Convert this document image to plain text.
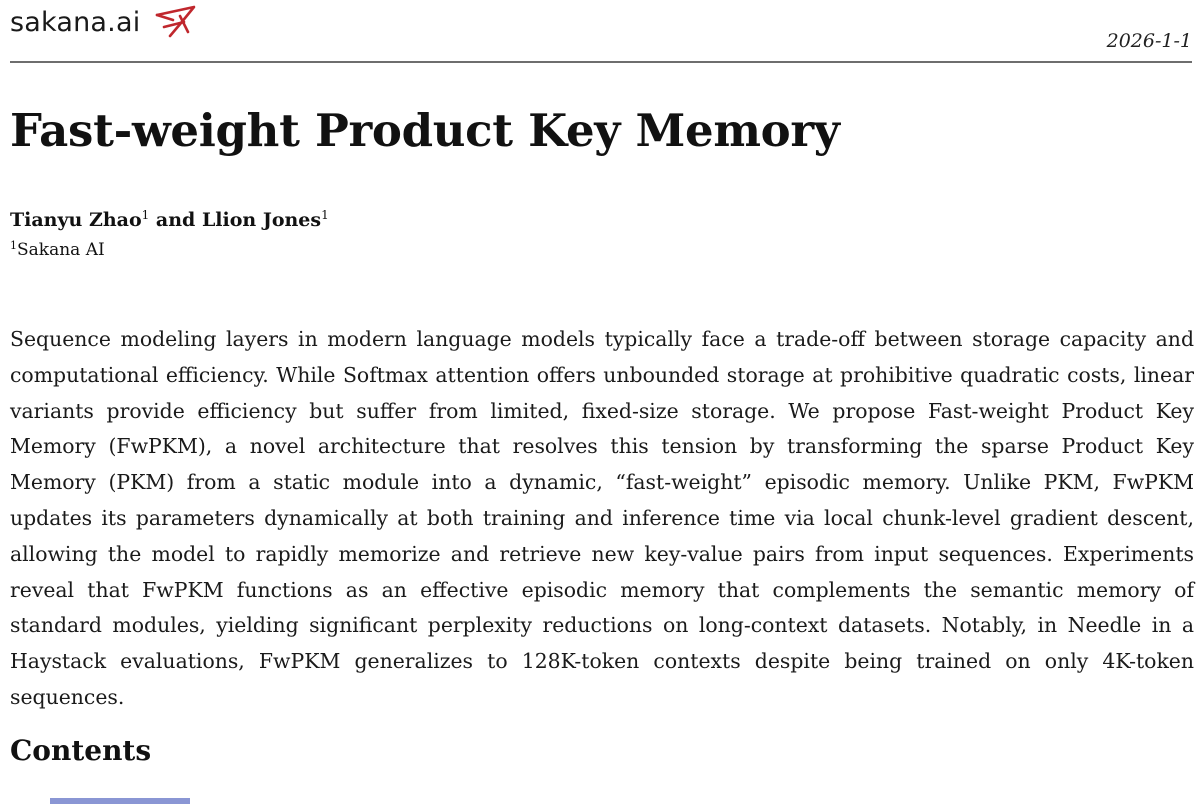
sakana.ai
2026-1-1
Fast-weight Product Key Memory
Tianyu Zhao$^1$ and Llion Jones$^1$
$^1$Sakana AI

Sequence modeling layers in modern language models typically face a trade-off between storage capacity and computational efficiency. While Softmax attention offers unbounded storage at prohibitive quadratic costs, linear variants provide efficiency but suffer from limited, fixed-size storage. We propose Fast-weight Product Key Memory (FwPKM), a novel architecture that resolves this tension by transforming the sparse Product Key Memory (PKM) from a static module into a dynamic, “fast-weight” episodic memory. Unlike PKM, FwPKM updates its parameters dynamically at both training and inference time via local chunk-level gradient descent, allowing the model to rapidly memorize and retrieve new key-value pairs from input sequences. Experiments reveal that FwPKM functions as an effective episodic memory that complements the semantic memory of standard modules, yielding significant perplexity reductions on long-context datasets. Notably, in Needle in a Haystack evaluations, FwPKM generalizes to 128K-token contexts despite being trained on only 4K-token sequences.

Contents
